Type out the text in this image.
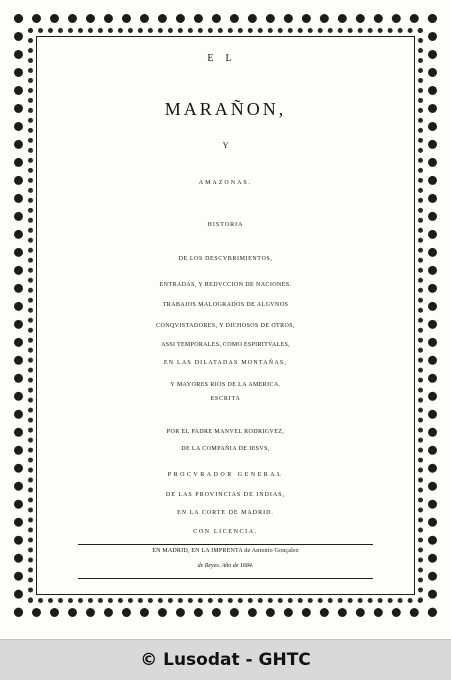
EL
MARAÑON,
Y
AMAZONAS.
HISTORIA
DE LOS DESCVBRIMIENTOS,
ENTRADAS, Y REDVCCION DE NACIONES.
TRABAJOS MALOGRADOS DE ALGVNOS
CONQVISTADORES, Y DICHOSOS DE OTROS,
ASSI TEMPORALES, COMO ESPIRITVALES,
EN LAS DILATADAS MONTAÑAS,
Y MAYORES RIOS DE LA AMERICA.
ESCRITA
POR EL PADRE MANVEL RODRIGVEZ,
DE LA COMPAÑIA DE IESVS,
PROCVRADOR GENERAL
DE LAS PROVINCIAS DE INDIAS,
EN LA CORTE DE MADRID.
CON LICENCIA.
EN MADRID, EN LA IMPRENTA de Antonio Gonçalez
de Reyes. Año de 1684.
© Lusodat - GHTC
